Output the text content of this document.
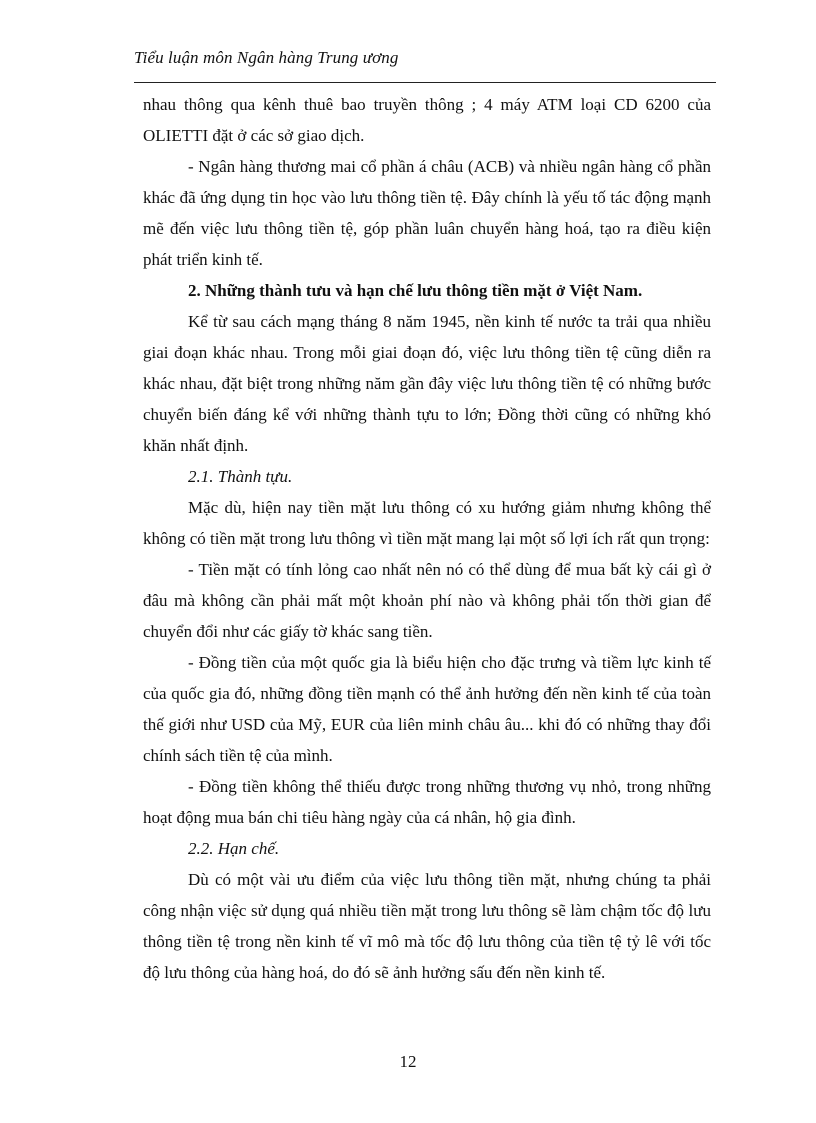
Tiểu luận môn Ngân hàng Trung ương

nhau thông qua kênh thuê bao truyền thông ; 4 máy ATM loại CD 6200 của OLIETTI đặt ở các sở giao dịch.

- Ngân hàng thương mai cổ phần á châu (ACB) và nhiều ngân hàng cổ phần khác đã ứng dụng tin học vào lưu thông tiền tệ. Đây chính là yếu tố tác động mạnh mẽ đến việc lưu thông tiền tệ, góp phần luân chuyển hàng hoá, tạo ra điều kiện phát triển kinh tế.

2. Những thành tưu và hạn chế lưu thông tiền mặt ở Việt Nam.

Kể từ sau cách mạng tháng 8 năm 1945, nền kinh tế nước ta trải qua nhiều giai đoạn khác nhau. Trong mỗi giai đoạn đó, việc lưu thông tiền tệ cũng diễn ra khác nhau, đặt biệt trong những năm gần đây việc lưu thông tiền tệ có những bước chuyển biến đáng kể với những thành tựu to lớn; Đồng thời cũng có những khó khăn nhất định.

2.1. Thành tựu.

Mặc dù, hiện nay tiền mặt lưu thông có xu hướng giảm nhưng không thể không có tiền mặt trong lưu thông vì tiền mặt mang lại một số lợi ích rất qun trọng:

- Tiền mặt có tính lỏng cao nhất nên nó có thể dùng để mua bất kỳ cái gì ở đâu mà không cần phải mất một khoản phí nào và không phải tốn thời gian để chuyển đổi như các giấy tờ khác sang tiền.

- Đồng tiền của một quốc gia là biểu hiện cho đặc trưng và tiềm lực kinh tế của quốc gia đó, những đồng tiền mạnh có thể ảnh hưởng đến nền kinh tế của toàn thế giới như USD của Mỹ, EUR của liên minh châu âu... khi đó có những thay đổi chính sách tiền tệ của mình.

- Đồng tiền không thể thiếu được trong những thương vụ nhỏ, trong những hoạt động mua bán chi tiêu hàng ngày của cá nhân, hộ gia đình.

2.2. Hạn chế.

Dù có một vài ưu điểm của việc lưu thông tiền mặt, nhưng chúng ta phải công nhận việc sử dụng quá nhiều tiền mặt trong lưu thông sẽ làm chậm tốc độ lưu thông tiền tệ trong nền kinh tế vĩ mô mà tốc độ lưu thông của tiền tệ tỷ lê với tốc độ lưu thông của hàng hoá, do đó sẽ ảnh hưởng sấu đến nền kinh tế.

12
